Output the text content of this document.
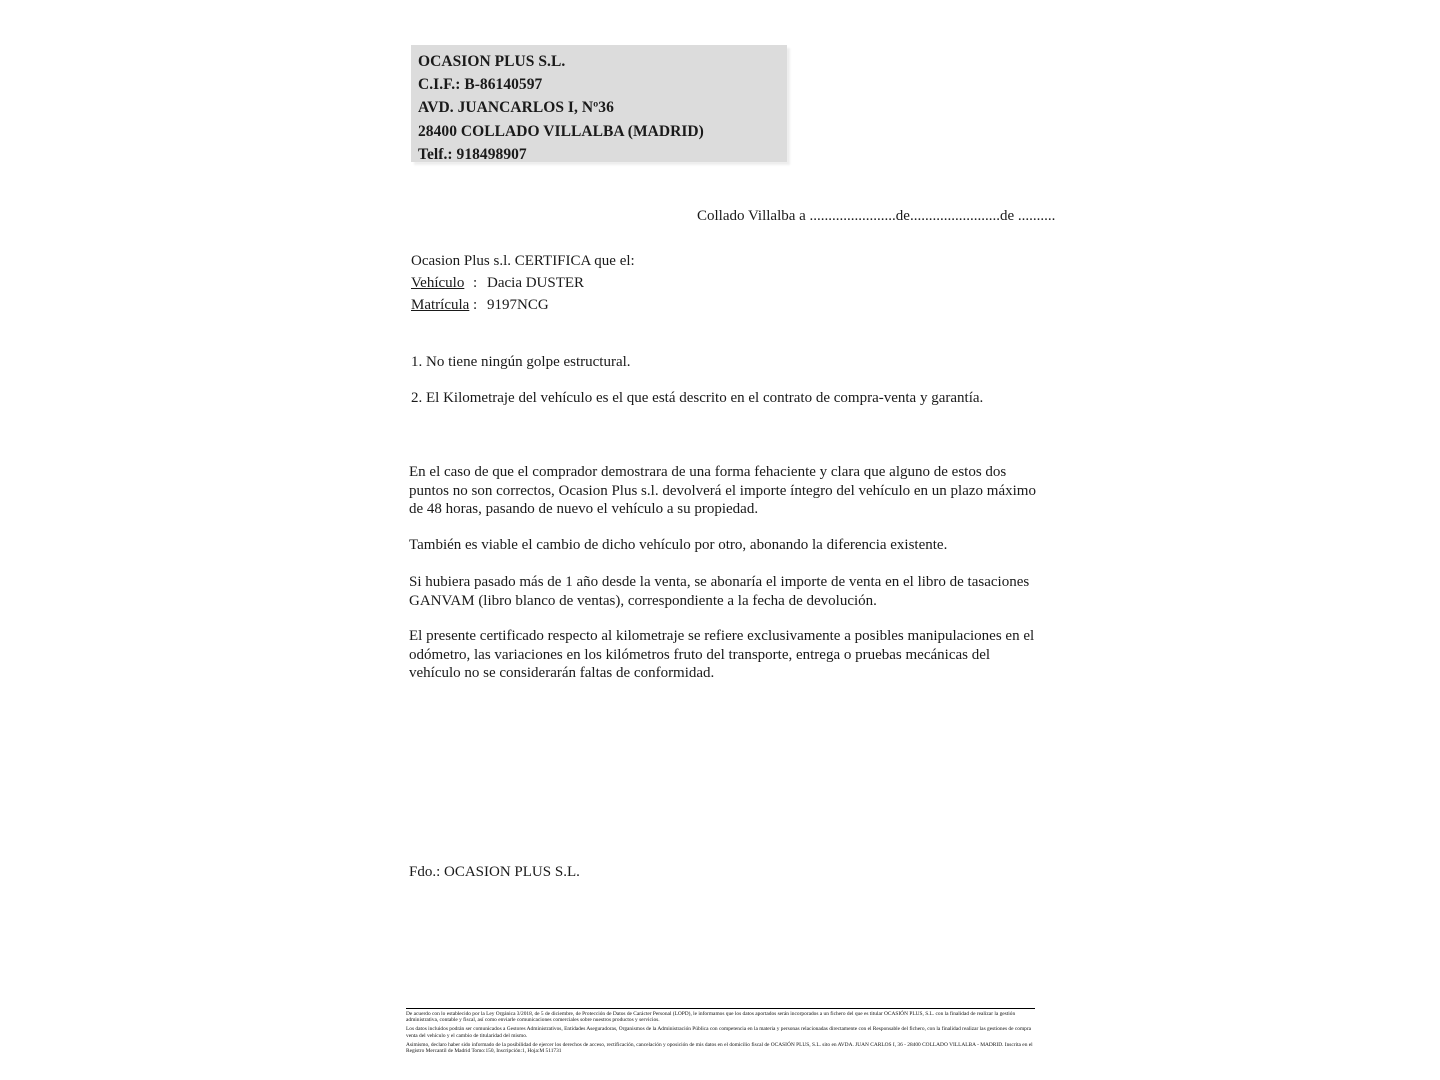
OCASION PLUS S.L.
C.I.F.: B-86140597
AVD. JUANCARLOS I, Nº36
28400 COLLADO VILLALBA (MADRID)
Telf.: 918498907
Collado Villalba a .......................de........................de ..........
Ocasion Plus s.l. CERTIFICA que el:
Vehículo : Dacia DUSTER
Matrícula : 9197NCG
1. No tiene ningún golpe estructural.
2. El Kilometraje del vehículo es el que está descrito en el contrato de compra-venta y garantía.
En el caso de que el comprador demostrara de una forma fehaciente y clara que alguno de estos dos puntos no son correctos, Ocasion Plus s.l. devolverá el importe íntegro del vehículo en un plazo máximo de 48 horas, pasando de nuevo el vehículo a su propiedad.
También es viable el cambio de dicho vehículo por otro, abonando la diferencia existente.
Si hubiera pasado más de 1 año desde la venta, se abonaría el importe de venta en el libro de tasaciones GANVAM (libro blanco de ventas), correspondiente a la fecha de devolución.
El presente certificado respecto al kilometraje se refiere exclusivamente a posibles manipulaciones en el odómetro, las variaciones en los kilómetros fruto del transporte, entrega o pruebas mecánicas del vehículo no se considerarán faltas de conformidad.
Fdo.: OCASION PLUS S.L.

De acuerdo con lo establecido por la Ley Orgánica 3/2018, de 5 de diciembre, de Protección de Datos de Carácter Personal (LOPD), le informamos que los datos aportados serán incorporados a un fichero del que es titular OCASIÓN PLUS, S.L. con la finalidad de realizar la gestión administrativa, contable y fiscal, así como enviarle comunicaciones comerciales sobre nuestros productos y servicios.

Los datos incluidos podrán ser comunicados a Gestores Administrativos, Entidades Aseguradoras, Organismos de la Administración Pública con competencia en la materia y personas relacionadas directamente con el Responsable del fichero, con la finalidad realizar las gestiones de compra venta del vehículo y el cambio de titularidad del mismo.

Asimismo, declaro haber sido informado de la posibilidad de ejercer los derechos de acceso, rectificación, cancelación y oposición de mis datos en el domicilio fiscal de OCASIÓN PLUS, S.L. sito en AVDA. JUAN CARLOS I, 36 - 28400 COLLADO VILLALBA - MADRID. Inscrita en el Registro Mercantil de Madrid Tomo:150, Inscripción:1, Hoja:M 511731
